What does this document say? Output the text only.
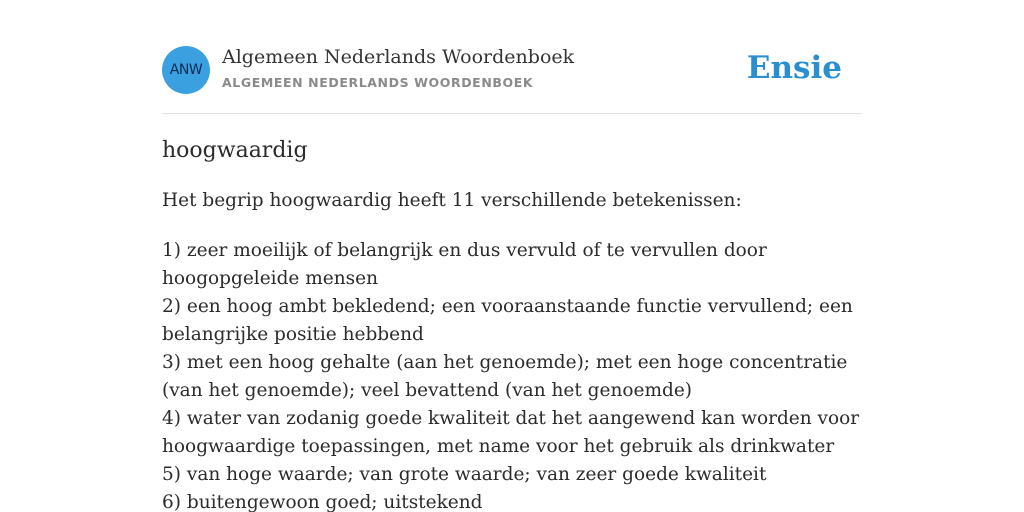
ANW
Algemeen Nederlands Woordenboek
ALGEMEEN NEDERLANDS WOORDENBOEK	Ensie
hoogwaardig
Het begrip hoogwaardig heeft 11 verschillende betekenissen:
1) zeer moeilijk of belangrijk en dus vervuld of te vervullen door hoogopgeleide mensen
2) een hoog ambt bekledend; een vooraanstaande functie vervullend; een belangrijke positie hebbend
3) met een hoog gehalte (aan het genoemde); met een hoge concentratie (van het genoemde); veel bevattend (van het genoemde)
4) water van zodanig goede kwaliteit dat het aangewend kan worden voor hoogwaardige toepassingen, met name voor het gebruik als drinkwater
5) van hoge waarde; van grote waarde; van zeer goede kwaliteit
6) buitengewoon goed; uitstekend
